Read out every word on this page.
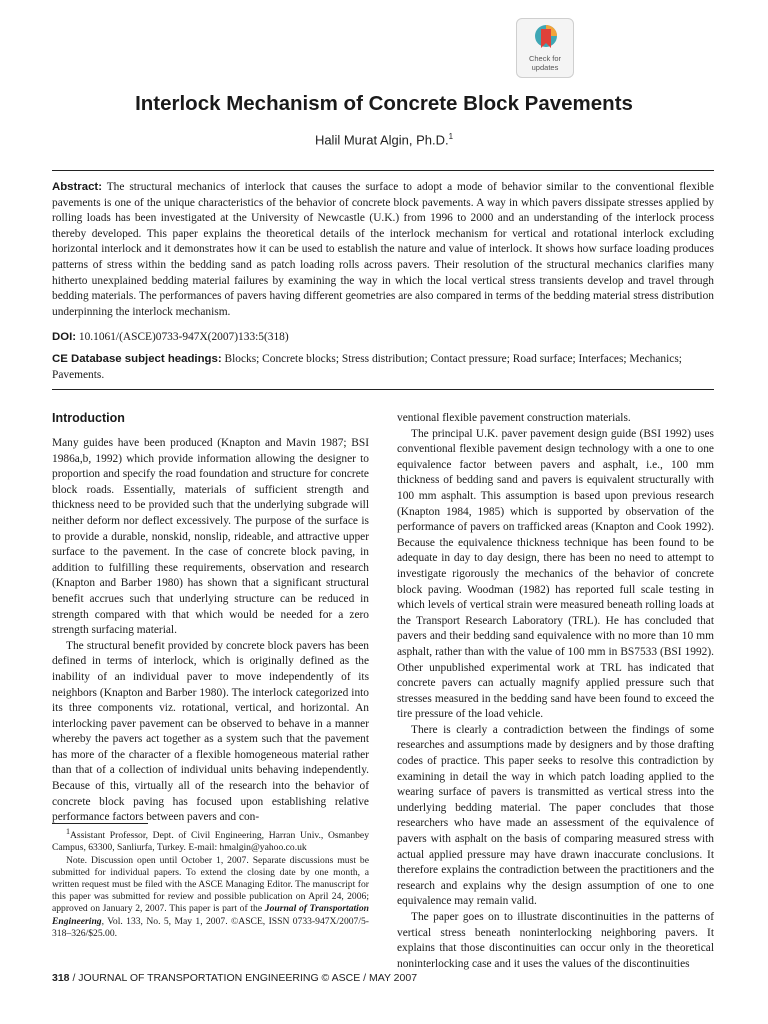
Check for
updates
Interlock Mechanism of Concrete Block Pavements
Halil Murat Algin, Ph.D.$^1$
Abstract: The structural mechanics of interlock that causes the surface to adopt a mode of behavior similar to the conventional flexible pavements is one of the unique characteristics of the behavior of concrete block pavements. A way in which pavers dissipate stresses applied by rolling loads has been investigated at the University of Newcastle (U.K.) from 1996 to 2000 and an understanding of the interlock process thereby developed. This paper explains the theoretical details of the interlock mechanism for vertical and rotational interlock excluding horizontal interlock and it demonstrates how it can be used to establish the nature and value of interlock. It shows how surface loading produces patterns of stress within the bedding sand as patch loading rolls across pavers. Their resolution of the structural mechanics clarifies many hitherto unexplained bedding material failures by examining the way in which the local vertical stress transients develop and travel through bedding materials. The performances of pavers having different geometries are also compared in terms of the bedding material stress distribution underpinning the interlock mechanism.
DOI: 10.1061/(ASCE)0733-947X(2007)133:5(318)
CE Database subject headings: Blocks; Concrete blocks; Stress distribution; Contact pressure; Road surface; Interfaces; Mechanics; Pavements.
Introduction

Many guides have been produced (Knapton and Mavin 1987; BSI 1986a,b, 1992) which provide information allowing the designer to proportion and specify the road foundation and structure for concrete block roads. Essentially, materials of sufficient strength and thickness need to be provided such that the underlying subgrade will neither deform nor deflect excessively. The purpose of the surface is to provide a durable, nonskid, nonslip, rideable, and attractive upper surface to the pavement. In the case of concrete block paving, in addition to fulfilling these requirements, observation and research (Knapton and Barber 1980) has shown that a significant structural benefit accrues such that underlying structure can be reduced in strength compared with that which would be needed for a zero strength surfacing material.

The structural benefit provided by concrete block pavers has been defined in terms of interlock, which is originally defined as the inability of an individual paver to move independently of its neighbors (Knapton and Barber 1980). The interlock categorized into its three components viz. rotational, vertical, and horizontal. An interlocking paver pavement can be observed to behave in a manner whereby the pavers act together as a system such that the pavement has more of the character of a flexible homogeneous material rather than that of a collection of individual units behaving independently. Because of this, virtually all of the research into the behavior of concrete block paving has focused upon establishing relative performance factors between pavers and con-

ventional flexible pavement construction materials.

The principal U.K. paver pavement design guide (BSI 1992) uses conventional flexible pavement design technology with a one to one equivalence factor between pavers and asphalt, i.e., 100 mm thickness of bedding sand and pavers is equivalent structurally with 100 mm asphalt. This assumption is based upon previous research (Knapton 1984, 1985) which is supported by observation of the performance of pavers on trafficked areas (Knapton and Cook 1992). Because the equivalence thickness technique has been found to be adequate in day to day design, there has been no need to attempt to investigate rigorously the mechanics of the behavior of concrete block paving. Woodman (1982) has reported full scale testing in which levels of vertical strain were measured beneath rolling loads at the Transport Research Laboratory (TRL). He has concluded that pavers and their bedding sand equivalence with no more than 10 mm asphalt, rather than with the value of 100 mm in BS7533 (BSI 1992). Other unpublished experimental work at TRL has indicated that concrete pavers can actually magnify applied pressure such that stresses measured in the bedding sand have been found to exceed the tire pressure of the load vehicle.

There is clearly a contradiction between the findings of some researches and assumptions made by designers and by those drafting codes of practice. This paper seeks to resolve this contradiction by examining in detail the way in which patch loading applied to the wearing surface of pavers is transmitted as vertical stress into the underlying bedding material. The paper concludes that those researchers who have made an assessment of the equivalence of pavers with asphalt on the basis of comparing measured stress with actual applied pressure may have drawn inaccurate conclusions. It therefore explains the contradiction between the practitioners and the research and explains why the design assumption of one to one equivalence may remain valid.

The paper goes on to illustrate discontinuities in the patterns of vertical stress beneath noninterlocking neighboring pavers. It explains that those discontinuities can occur only in the theoretical noninterlocking case and it uses the values of the discontinuities

$^1$Assistant Professor, Dept. of Civil Engineering, Harran Univ., Osmanbey Campus, 63300, Sanliurfa, Turkey. E-mail: hmalgin@yahoo.co.uk

Note. Discussion open until October 1, 2007. Separate discussions must be submitted for individual papers. To extend the closing date by one month, a written request must be filed with the ASCE Managing Editor. The manuscript for this paper was submitted for review and possible publication on April 24, 2006; approved on January 2, 2007. This paper is part of the Journal of Transportation Engineering, Vol. 133, No. 5, May 1, 2007. ©ASCE, ISSN 0733-947X/2007/5-318–326/$25.00.

318 / JOURNAL OF TRANSPORTATION ENGINEERING © ASCE / MAY 2007
